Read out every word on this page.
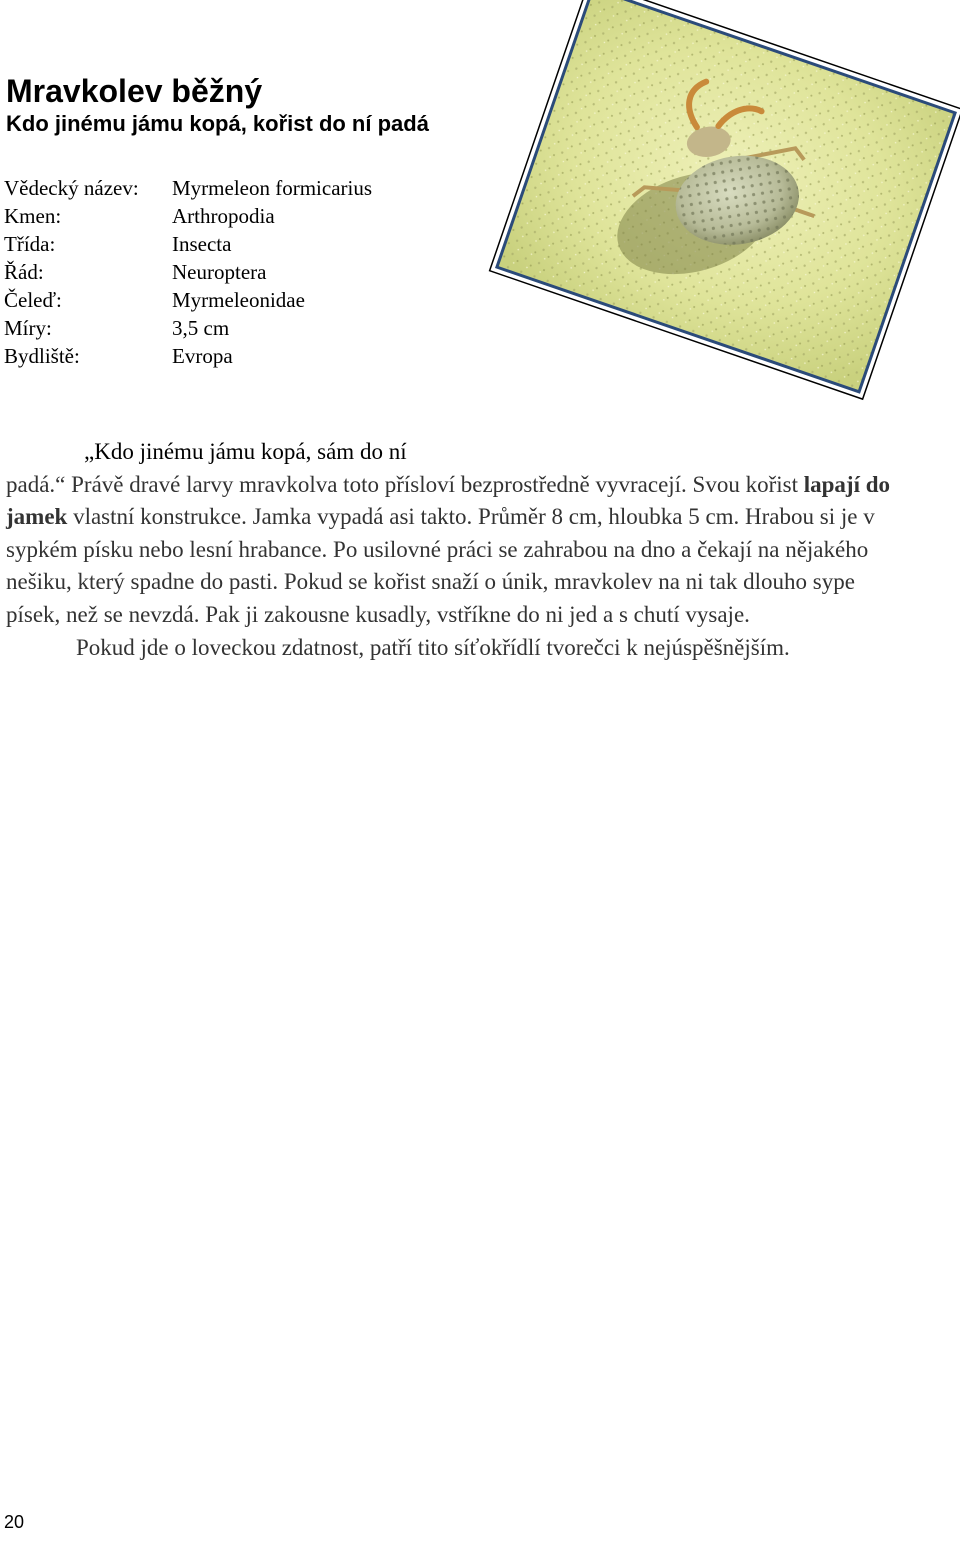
Mravkolev běžný
Kdo jinému jámu kopá, kořist do ní padá
Vědecký název:	Myrmeleon formicarius
Kmen:	Arthropodia
Třída:	Insecta
Řád:	Neuroptera
Čeleď:	Myrmeleonidae
Míry:	3,5 cm
Bydliště:	Evropa

„Kdo jinému jámu kopá, sám do ní
padá.“ Právě dravé larvy mravkolva toto přísloví bezprostředně vyvracejí. Svou kořist lapají do jamek vlastní konstrukce. Jamka vypadá asi takto. Průměr 8 cm, hloubka 5 cm. Hrabou si je v sypkém písku nebo lesní hrabance. Po usilovné práci se zahrabou na dno a čekají na nějakého nešiku, který spadne do pasti. Pokud se kořist snaží o únik, mravkolev na ni tak dlouho sype písek, než se nevzdá. Pak ji zakousne kusadly, vstříkne do ni jed a s chutí vysaje.
Pokud jde o loveckou zdatnost, patří tito síťokřídlí tvorečci k nejúspěšnějším.

20
